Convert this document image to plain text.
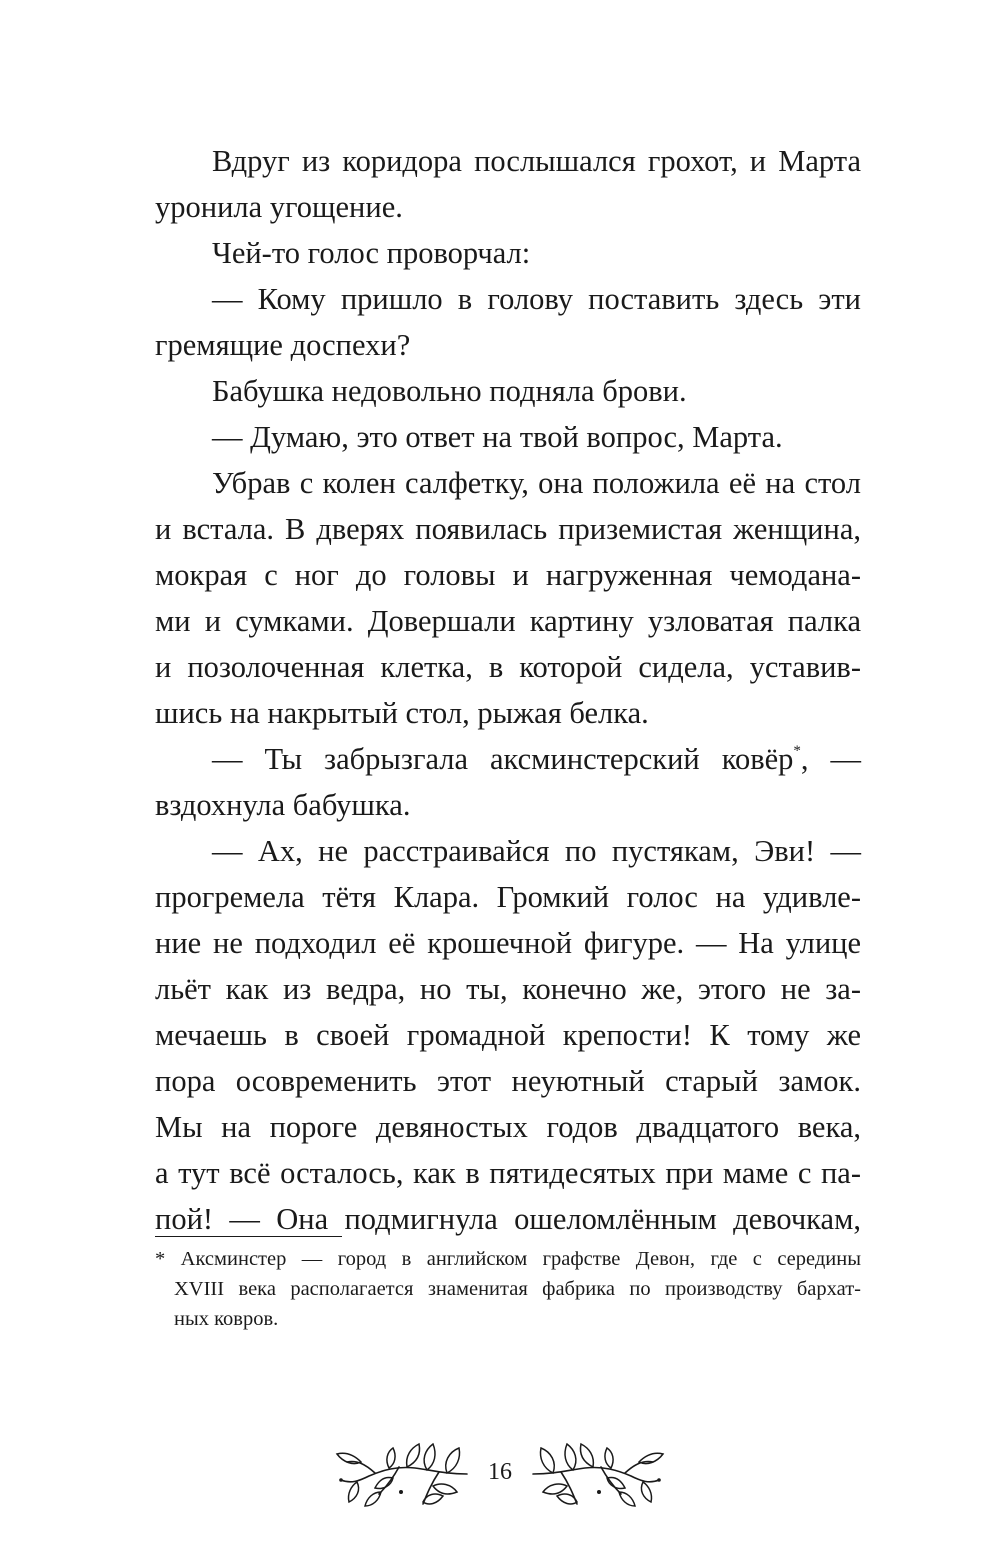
Вдруг из коридора послышался грохот, и Марта
уронила угощение.
Чей-то голос проворчал:
— Кому пришло в голову поставить здесь эти
гремящие доспехи?
Бабушка недовольно подняла брови.
— Думаю, это ответ на твой вопрос, Марта.
Убрав с колен салфетку, она положила её на стол
и встала. В дверях появилась приземистая женщина,
мокрая с ног до головы и нагруженная чемодана-
ми и сумками. Довершали картину узловатая палка
и позолоченная клетка, в которой сидела, уставив-
шись на накрытый стол, рыжая белка.
— Ты забрызгала аксминстерский ковёр*, —
вздохнула бабушка.
— Ах, не расстраивайся по пустякам, Эви! —
прогремела тётя Клара. Громкий голос на удивле-
ние не подходил её крошечной фигуре. — На улице
льёт как из ведра, но ты, конечно же, этого не за-
мечаешь в своей громадной крепости! К тому же
пора осовременить этот неуютный старый замок.
Мы на пороге девяностых годов двадцатого века,
а тут всё осталось, как в пятидесятых при маме с па-
пой! — Она подмигнула ошеломлённым девочкам,
* Аксминстер — город в английском графстве Девон, где с середины
XVIII века располагается знаменитая фабрика по производству бархат-
ных ковров.
16
